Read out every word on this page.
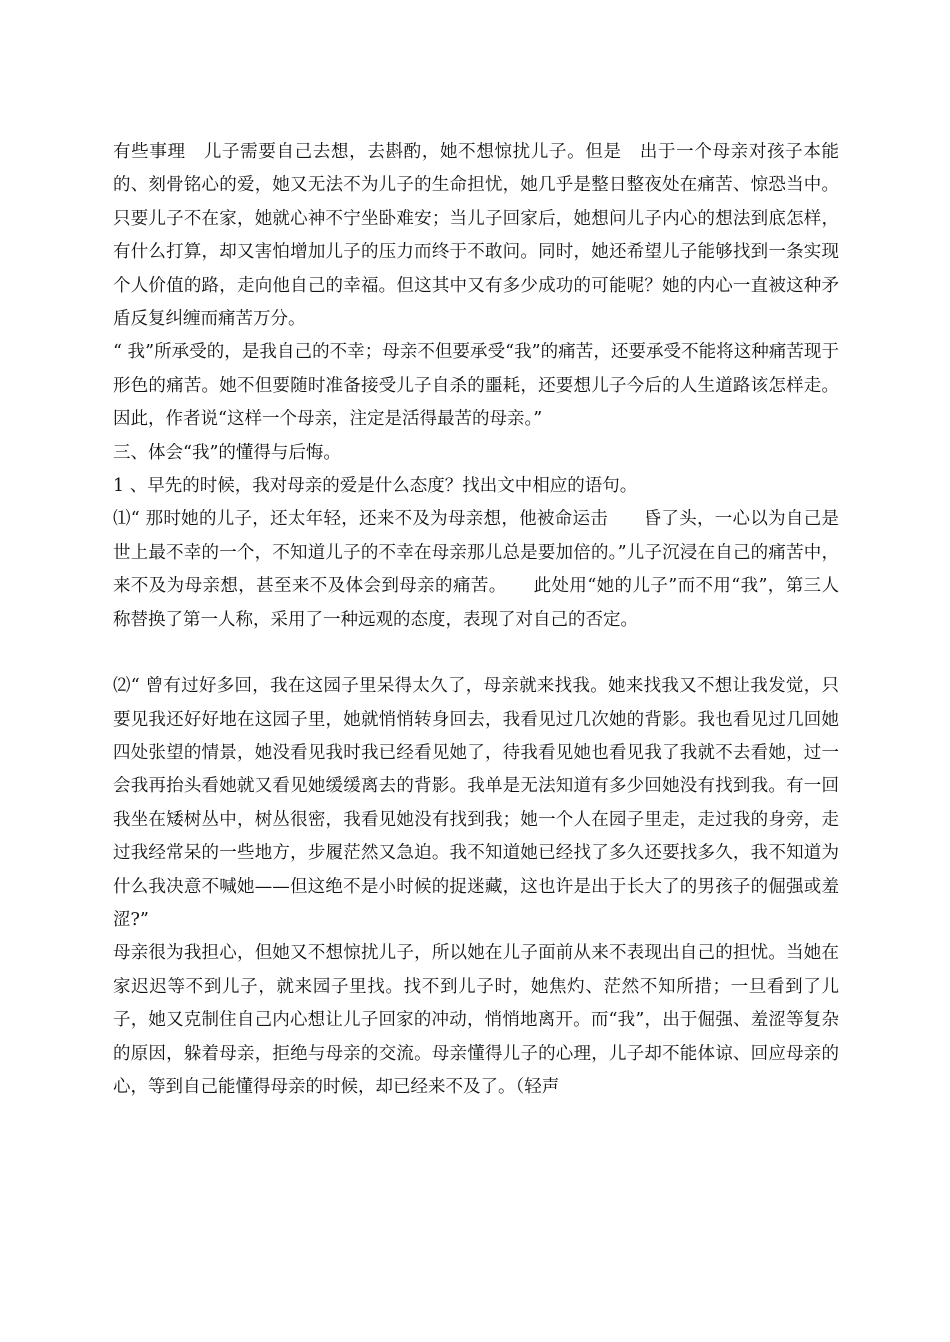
有些事理　儿子需要自己去想，去斟酌，她不想惊扰儿子。但是　出于一个母亲对孩子本能的、刻骨铭心的爱，她又无法不为儿子的生命担忧，她几乎是整日整夜处在痛苦、惊恐当中。只要儿子不在家，她就心神不宁坐卧难安；当儿子回家后，她想问儿子内心的想法到底怎样，有什么打算，却又害怕增加儿子的压力而终于不敢问。同时，她还希望儿子能够找到一条实现个人价值的路，走向他自己的幸福。但这其中又有多少成功的可能呢？她的内心一直被这种矛盾反复纠缠而痛苦万分。

“ 我”所承受的，是我自己的不幸；母亲不但要承受“我”的痛苦，还要承受不能将这种痛苦现于形色的痛苦。她不但要随时准备接受儿子自杀的噩耗，还要想儿子今后的人生道路该怎样走。因此，作者说“这样一个母亲，注定是活得最苦的母亲。”

三、体会“我”的懂得与后悔。

1 、早先的时候，我对母亲的爱是什么态度？找出文中相应的语句。

⑴“ 那时她的儿子，还太年轻，还来不及为母亲想，他被命运击　　昏了头，一心以为自己是世上最不幸的一个，不知道儿子的不幸在母亲那儿总是要加倍的。”儿子沉浸在自己的痛苦中，来不及为母亲想，甚至来不及体会到母亲的痛苦。　　此处用“她的儿子”而不用“我”，第三人称替换了第一人称，采用了一种远观的态度，表现了对自己的否定。

⑵“ 曾有过好多回，我在这园子里呆得太久了，母亲就来找我。她来找我又不想让我发觉，只要见我还好好地在这园子里，她就悄悄转身回去，我看见过几次她的背影。我也看见过几回她四处张望的情景，她没看见我时我已经看见她了，待我看见她也看见我了我就不去看她，过一会我再抬头看她就又看见她缓缓离去的背影。我单是无法知道有多少回她没有找到我。有一回我坐在矮树丛中，树丛很密，我看见她没有找到我；她一个人在园子里走，走过我的身旁，走过我经常呆的一些地方，步履茫然又急迫。我不知道她已经找了多久还要找多久，我不知道为什么我决意不喊她——但这绝不是小时候的捉迷藏，这也许是出于长大了的男孩子的倔强或羞涩?”

母亲很为我担心，但她又不想惊扰儿子，所以她在儿子面前从来不表现出自己的担忧。当她在家迟迟等不到儿子，就来园子里找。找不到儿子时，她焦灼、茫然不知所措；一旦看到了儿子，她又克制住自己内心想让儿子回家的冲动，悄悄地离开。而“我”，出于倔强、羞涩等复杂的原因，躲着母亲，拒绝与母亲的交流。母亲懂得儿子的心理，儿子却不能体谅、回应母亲的心，等到自己能懂得母亲的时候，却已经来不及了。（轻声
